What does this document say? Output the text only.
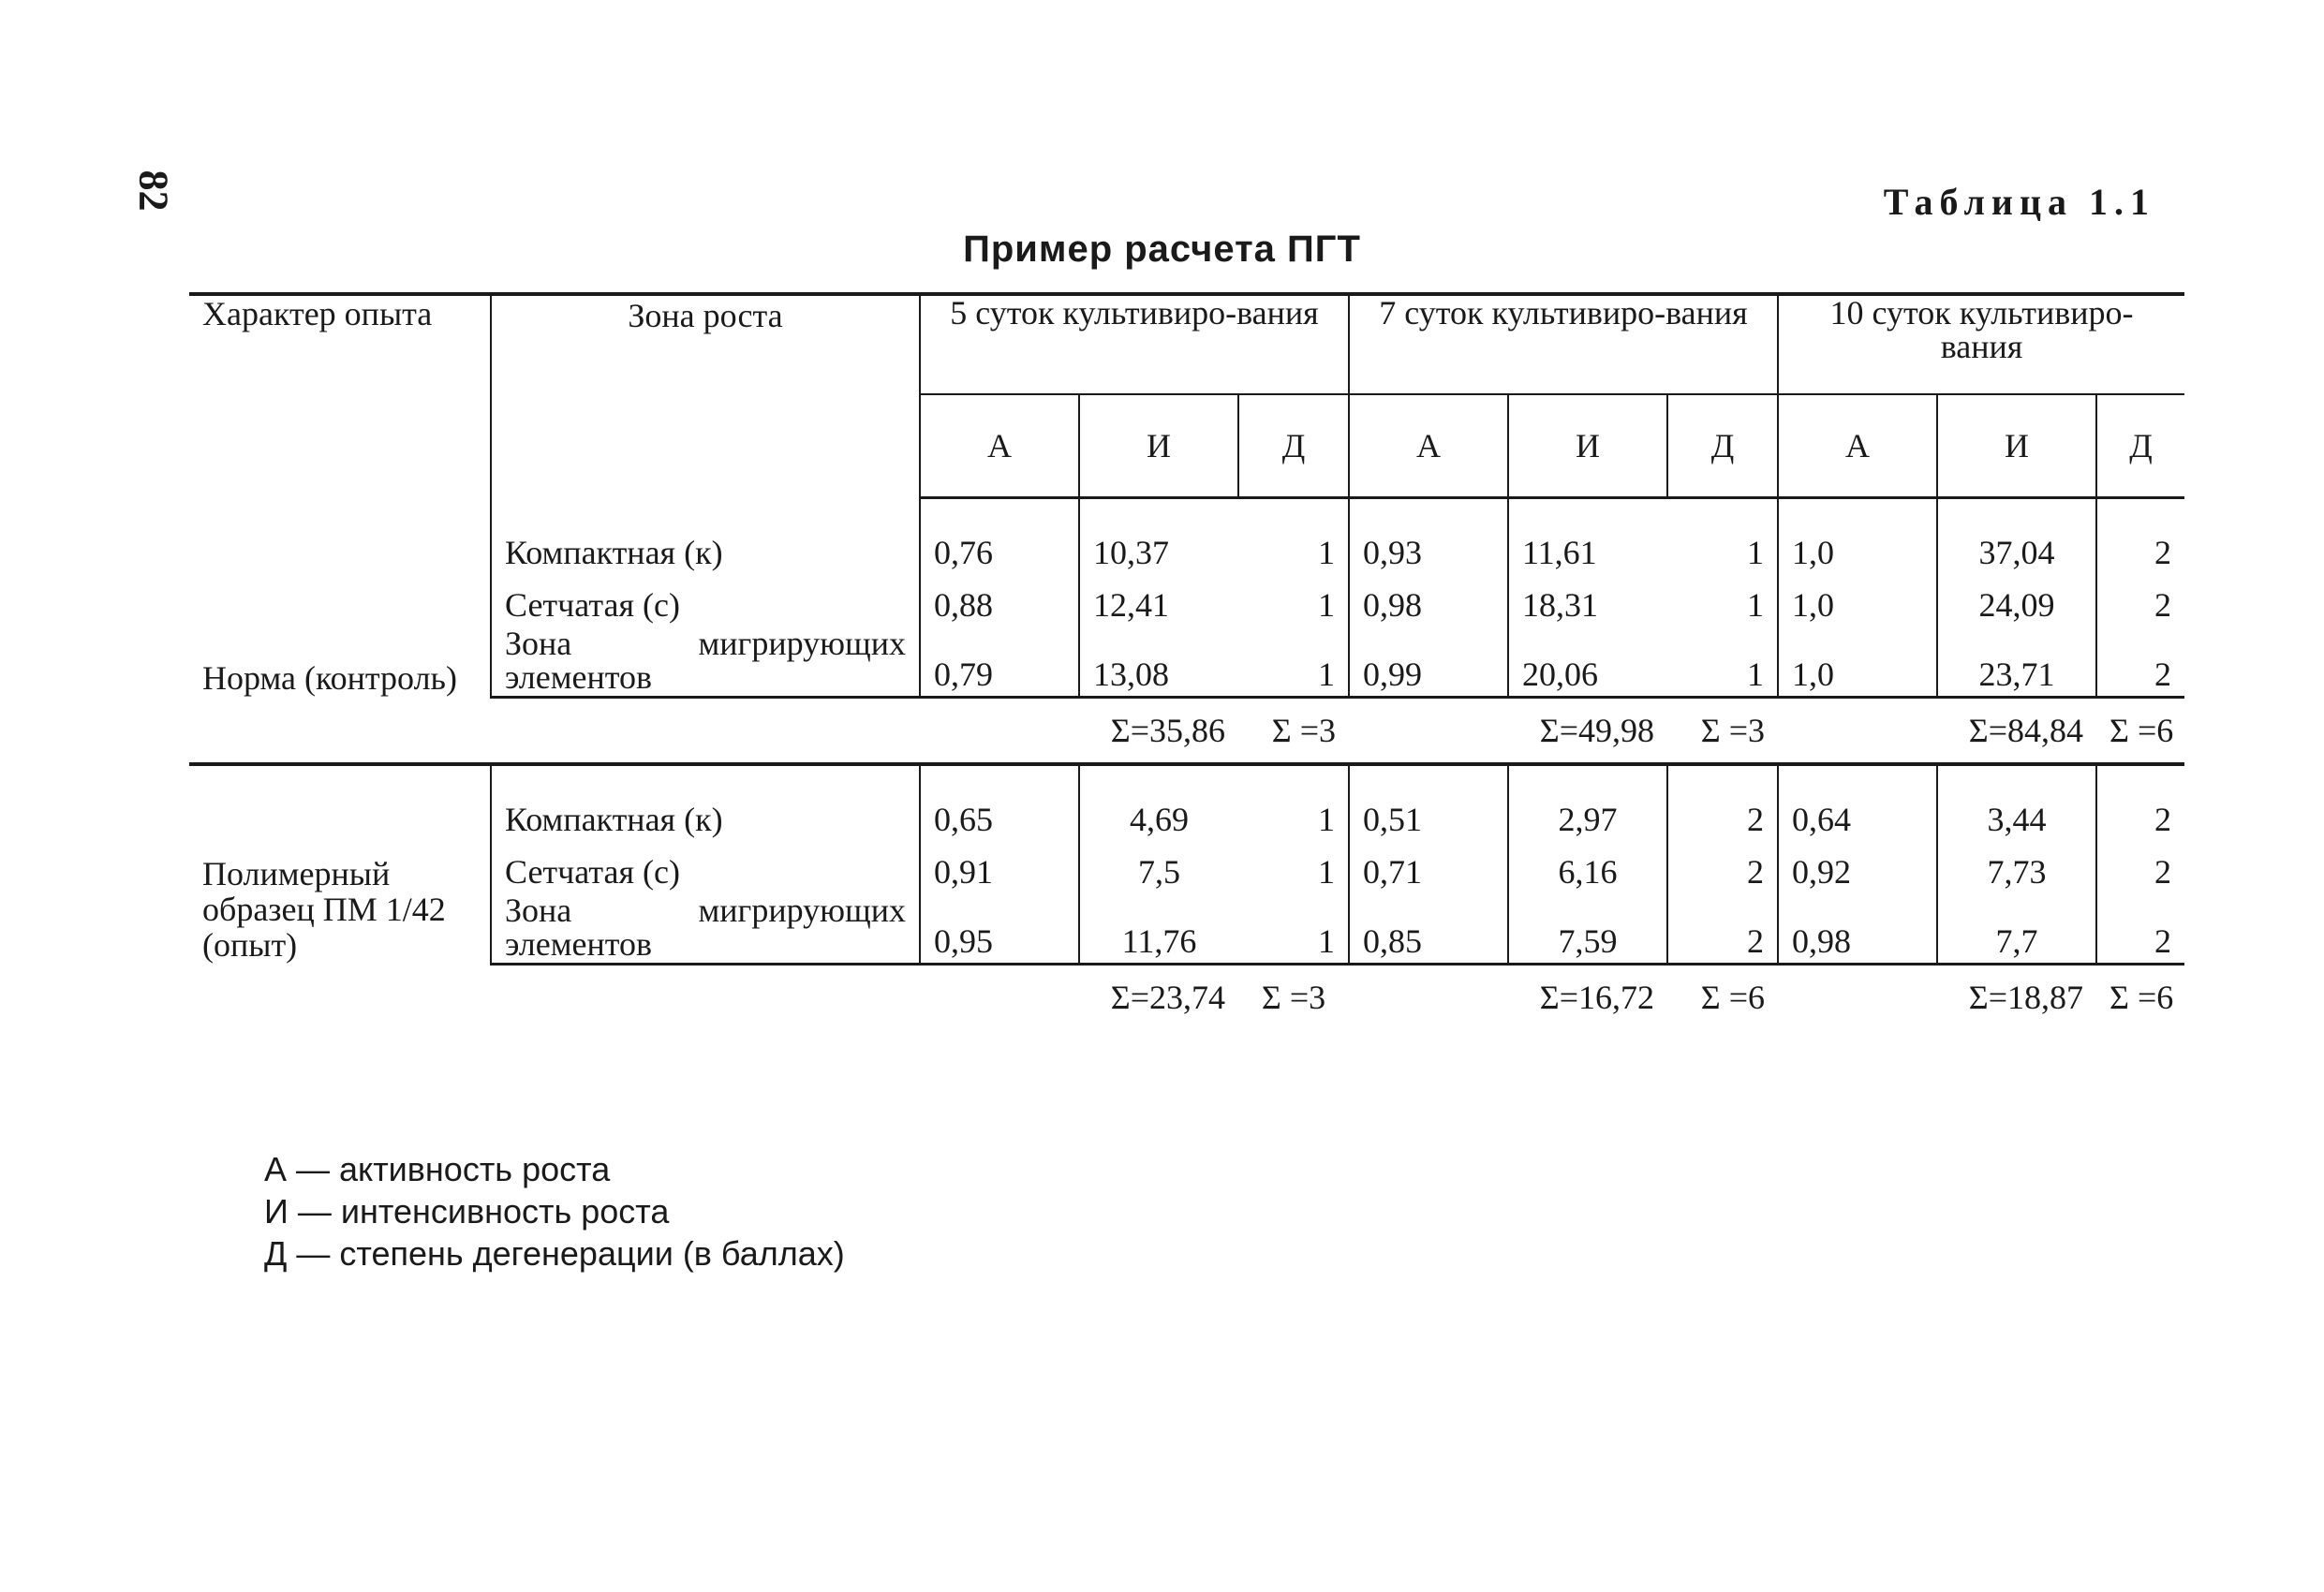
82	Таблица 1.1
Пример расчета ПГТ
Характер опыта	Зона роста	5 суток культивиро-вания			7 суток культивиро-вания			10 суток культивиро-вания		
		А	И	Д	А	И	Д	А	И	Д
Норма (контроль)	Компактная (к)	0,76	10,37	1	0,93	11,61	1	1,0	37,04	2
	Сетчатая (с)	0,88	12,41	1	0,98	18,31	1	1,0	24,09	2
	Зона мигрирующих элементов	0,79	13,08	1	0,99	20,06	1	1,0	23,71	2
			Σ=35,86	Σ =3		Σ=49,98	Σ =3		Σ=84,84	Σ =6
Полимерный образец ПМ 1/42 (опыт)	Компактная (к)	0,65	4,69	1	0,51	2,97	2	0,64	3,44	2
	Сетчатая (с)	0,91	7,5	1	0,71	6,16	2	0,92	7,73	2
	Зона мигрирующих элементов	0,95	11,76	1	0,85	7,59	2	0,98	7,7	2
			Σ=23,74	Σ =3		Σ=16,72	Σ =6		Σ=18,87	Σ =6
А — активность роста
И — интенсивность роста
Д — степень дегенерации (в баллах)
